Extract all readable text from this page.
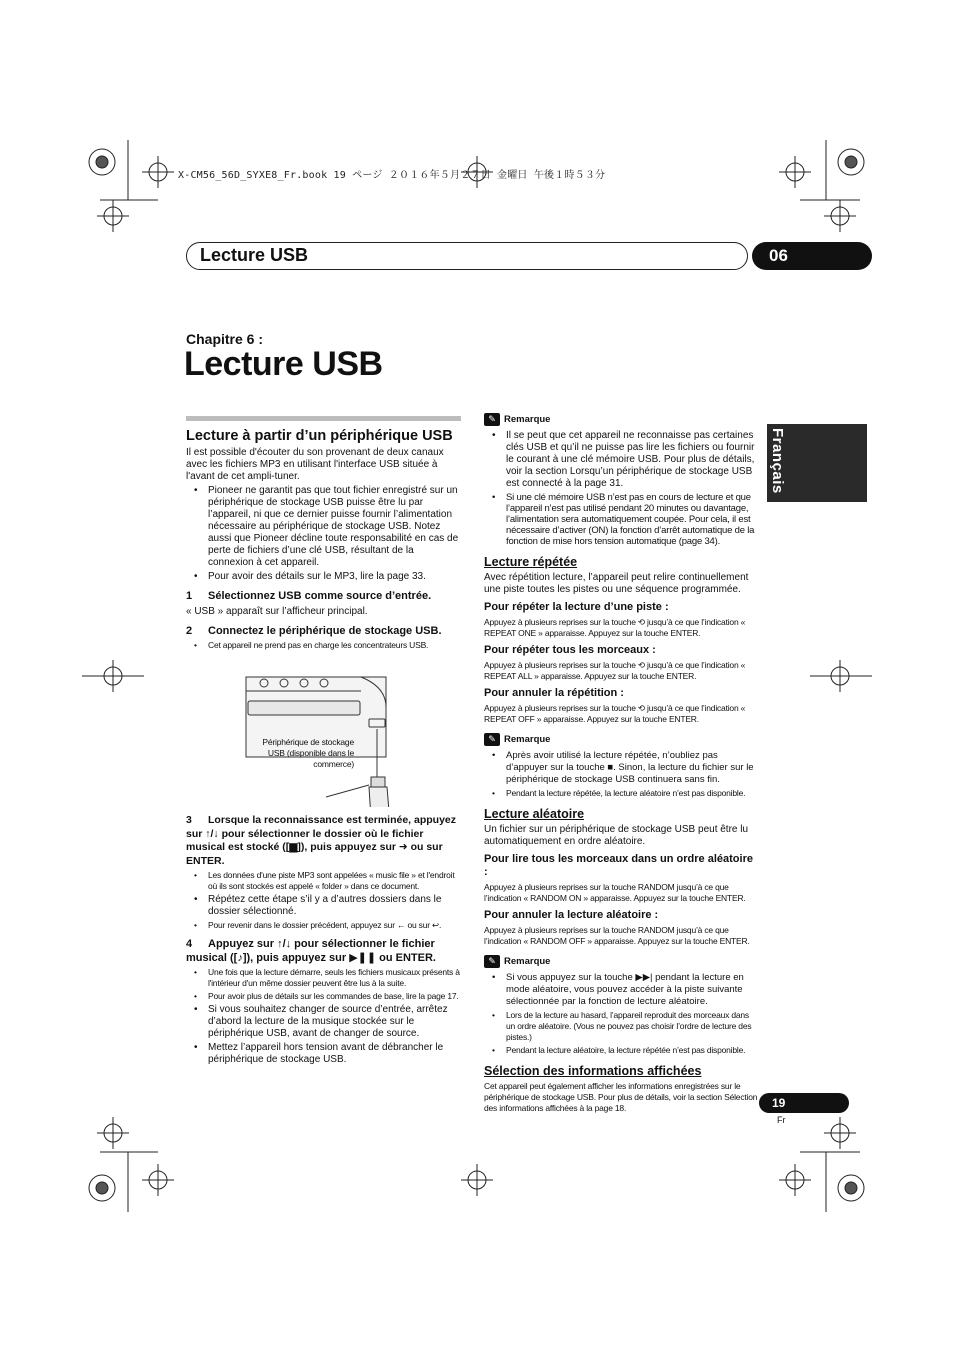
X-CM56_56D_SYXE8_Fr.book 19 ページ ２０１６年５月２７日 金曜日 午後１時５３分
Lecture USB	06
Français
Chapitre 6 :
Lecture USB
Lecture à partir d’un périphérique USB

Il est possible d'écouter du son provenant de deux canaux avec les fichiers MP3 en utilisant l'interface USB située à l'avant de cet ampli-tuner.

• Pioneer ne garantit pas que tout fichier enregistré sur un périphérique de stockage USB puisse être lu par l’appareil, ni que ce dernier puisse fournir l’alimentation nécessaire au périphérique de stockage USB. Notez aussi que Pioneer décline toute responsabilité en cas de perte de fichiers d’une clé USB, résultant de la connexion à cet appareil.
• Pour avoir des détails sur le MP3, lire la page 33.
1 Sélectionnez USB comme source d’entrée.

« USB » apparaît sur l’afficheur principal.

2 Connectez le périphérique de stockage USB.
• Cet appareil ne prend pas en charge les concentrateurs USB.
Périphérique de stockage
USB (disponible dans le
commerce)
3 Lorsque la reconnaissance est terminée, appuyez sur ↑/↓ pour sélectionner le dossier où le fichier musical est stocké ([▆]), puis appuyez sur ➜ ou sur ENTER.
• Les données d'une piste MP3 sont appelées « music file » et l'endroit où ils sont stockés est appelé « folder » dans ce document.
• Répétez cette étape s’il y a d’autres dossiers dans le dossier sélectionné.
• Pour revenir dans le dossier précédent, appuyez sur ← ou sur ↩.
4 Appuyez sur ↑/↓ pour sélectionner le fichier musical ([♪]), puis appuyez sur ▶❚❚ ou ENTER.
• Une fois que la lecture démarre, seuls les fichiers musicaux présents à l'intérieur d'un même dossier peuvent être lus à la suite.
• Pour avoir plus de détails sur les commandes de base, lire la page 17.
• Si vous souhaitez changer de source d’entrée, arrêtez d’abord la lecture de la musique stockée sur le périphérique USB, avant de changer de source.
• Mettez l’appareil hors tension avant de débrancher le périphérique de stockage USB.
✎ Remarque
• Il se peut que cet appareil ne reconnaisse pas certaines clés USB et qu’il ne puisse pas lire les fichiers ou fournir le courant à une clé mémoire USB. Pour plus de détails, voir la section Lorsqu’un périphérique de stockage USB est connecté à la page 31.
• Si une clé mémoire USB n’est pas en cours de lecture et que l’appareil n’est pas utilisé pendant 20 minutes ou davantage, l’alimentation sera automatiquement coupée. Pour cela, il est nécessaire d’activer (ON) la fonction d’arrêt automatique de la fonction de mise hors tension automatique (page 34).
Lecture répétée

Avec répétition lecture, l’appareil peut relire continuellement une piste toutes les pistes ou une séquence programmée.

Pour répéter la lecture d’une piste :

Appuyez à plusieurs reprises sur la touche ⟲ jusqu’à ce que l’indication « REPEAT ONE » apparaisse. Appuyez sur la touche ENTER.

Pour répéter tous les morceaux :

Appuyez à plusieurs reprises sur la touche ⟲ jusqu’à ce que l’indication « REPEAT ALL » apparaisse. Appuyez sur la touche ENTER.

Pour annuler la répétition :

Appuyez à plusieurs reprises sur la touche ⟲ jusqu’à ce que l’indication « REPEAT OFF » apparaisse. Appuyez sur la touche ENTER.

✎ Remarque
• Après avoir utilisé la lecture répétée, n’oubliez pas d’appuyer sur la touche ■. Sinon, la lecture du fichier sur le périphérique de stockage USB continuera sans fin.
• Pendant la lecture répétée, la lecture aléatoire n’est pas disponible.
Lecture aléatoire

Un fichier sur un périphérique de stockage USB peut être lu automatiquement en ordre aléatoire.

Pour lire tous les morceaux dans un ordre aléatoire :

Appuyez à plusieurs reprises sur la touche RANDOM jusqu’à ce que l’indication « RANDOM ON » apparaisse. Appuyez sur la touche ENTER.

Pour annuler la lecture aléatoire :

Appuyez à plusieurs reprises sur la touche RANDOM jusqu’à ce que l’indication « RANDOM OFF » apparaisse. Appuyez sur la touche ENTER.

✎ Remarque
• Si vous appuyez sur la touche ▶▶| pendant la lecture en mode aléatoire, vous pouvez accéder à la piste suivante sélectionnée par la fonction de lecture aléatoire.
• Lors de la lecture au hasard, l’appareil reproduit des morceaux dans un ordre aléatoire. (Vous ne pouvez pas choisir l’ordre de lecture des pistes.)
• Pendant la lecture aléatoire, la lecture répétée n’est pas disponible.
Sélection des informations affichées

Cet appareil peut également afficher les informations enregistrées sur le périphérique de stockage USB. Pour plus de détails, voir la section Sélection des informations affichées à la page 18.	19
Fr
